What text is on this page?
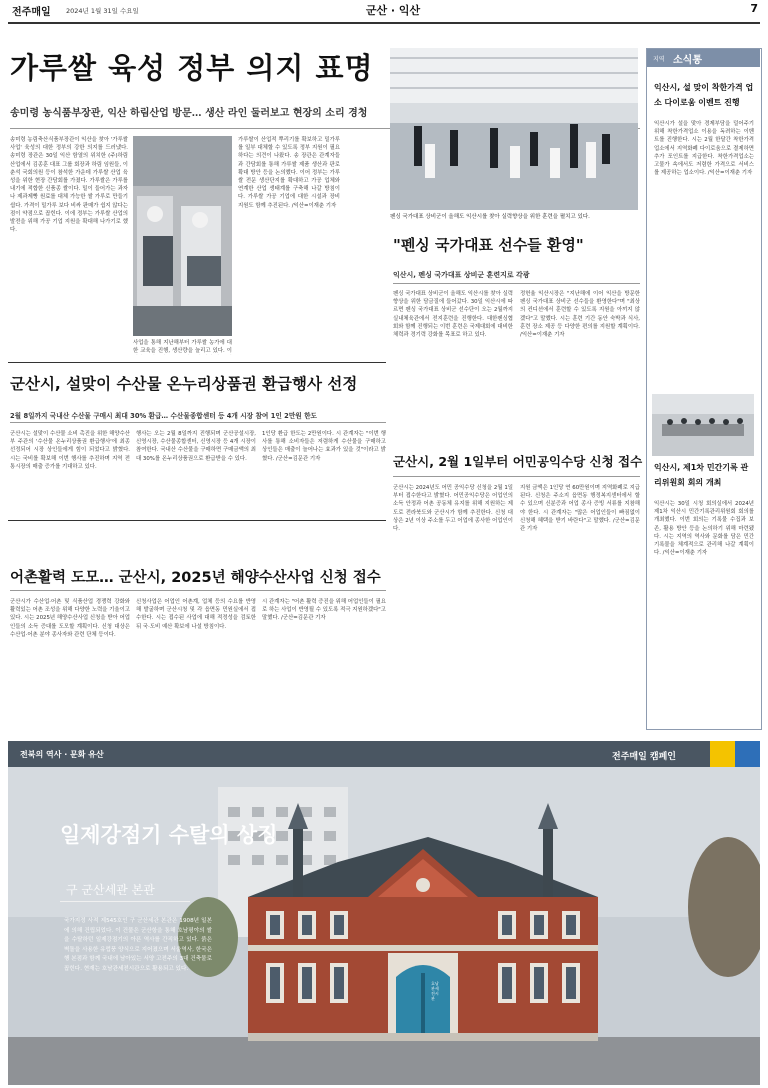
전주매일 2024년 1월 31일 수요일	군산 · 익산	7
가루쌀 육성 정부 의지 표명
송미령 농식품부장관, 익산 하림산업 방문… 생산 라인 둘러보고 현장의 소리 경청

송미령 농림축산식품부장관이 익산을 찾아 '가루쌀 사업' 육성의 대한 정부의 강한 의지를 드러냈다. 송미령 장관은 30일 익산 함열의 위치한 (주)하림산업에서 김종훈 대표 그룹 회장과 하림 임원들, 이춘석 국회의원 등이 참석한 가운데 가루쌀 산업 육성을 위한 현장 간담회를 가졌다. 가루쌀은 가루를 내기에 적합한 신품종 쌀이다. 밀이 들어가는 과자나 제과제빵 원료를 대체 가능한 쌀 가루로 만들기 쉽다. 가격이 밀가루 보다 비싸 판매가 쉽지 않다는 점이 약점으로 꼽힌다. 이에 정부는 가루쌀 산업의 발전을 위해 가공 기업 지원을 확대해 나가기로 했다.

사업을 통해 지난해부터 가루쌀 농가에 대한 교육을 진행, 생산량을 늘리고 있다. 이

가루쌀이 산업적 뿌리기를 확보하고 밀가루를 일부 대체할 수 있도록 정부 지원이 필요하다는 의견이 나왔다. 송 장관은 관계자들과 간담회를 통해 가루쌀 제품 생산과 판로 확대 방안 등을 논의했다. 이어 정부는 가루쌀 전문 생산단지를 확대하고 가공 업체와 연계한 산업 생태계를 구축해 나갈 방침이다. 가루쌀 가공 기업에 대한 시설과 장비 지원도 함께 추진된다. /익산=이재춘 기자

펜싱 국가대표 상비군이 올해도 익산시를 찾아 실력향상을 위한 훈련을 펼치고 있다.
"펜싱 국가대표 선수들 환영"
익산시, 펜싱 국가대표 상비군 훈련지로 각광

펜싱 국가대표 상비군이 올해도 익산시를 찾아 실력향상을 위한 담금질에 들어갔다. 30일 익산시에 따르면 펜싱 국가대표 상비군 선수단이 오는 2월까지 실내체육관에서 전지훈련을 진행한다. 대한펜싱협회와 함께 진행되는 이번 훈련은 국제대회에 대비한 체력과 경기력 강화를 목표로 하고 있다.

정헌율 익산시장은 "지난해에 이어 익산을 방문한 펜싱 국가대표 상비군 선수들을 환영한다"며 "최상의 컨디션에서 훈련할 수 있도록 지원을 아끼지 않겠다"고 말했다. 시는 훈련 기간 동안 숙박과 식사, 훈련 장소 제공 등 다양한 편의를 지원할 계획이다. /익산=이재춘 기자

지역 소식통
익산시, 설 맞이 착한가격 업소 다이로움 이벤트 진행

익산시가 설을 맞아 경제부담을 덜어주기 위해 착한가격업소 이용을 독려하는 이벤트를 진행한다. 시는 2월 한달간 착한가격업소에서 지역화폐 다이로움으로 결제하면 추가 포인트를 지급한다. 착한가격업소는 고물가 속에서도 저렴한 가격으로 서비스를 제공하는 업소이다. /익산=이재춘 기자

익산시, 제1차 민간기록 관리위원회 회의 개최

익산시는 30일 시청 회의실에서 2024년 제1차 익산시 민간기록관리위원회 회의를 개최했다. 이번 회의는 기록물 수집과 보존, 활용 방안 등을 논의하기 위해 마련됐다. 시는 지역의 역사와 문화를 담은 민간 기록물을 체계적으로 관리해 나갈 계획이다. /익산=이재춘 기자

군산시, 설맞이 수산물 온누리상품권 환급행사 선정
2월 8일까지 국내산 수산물 구매시 최대 30% 환급… 수산물종합센터 등 4개 시장 참여 1인 2만원 한도

군산시는 설맞이 수산물 소비 촉진을 위한 해양수산부 주관의 '수산물 온누리상품권 환급행사'에 최종 선정되어 시장 상인들에게 힘이 되었다고 밝혔다. 시는 국비를 확보해 이번 행사를 추진하며 지역 전통시장의 매출 증가를 기대하고 있다.

행사는 오는 2월 8일까지 진행되며 군산공설시장, 신영시장, 수산물종합센터, 신영시장 등 4개 시장이 참여한다. 국내산 수산물을 구매하면 구매금액의 최대 30%를 온누리상품권으로 환급받을 수 있다.

1인당 환급 한도는 2만원이다. 시 관계자는 "이번 행사를 통해 소비자들은 저렴하게 수산물을 구매하고 상인들은 매출이 늘어나는 효과가 있을 것"이라고 밝혔다. /군산=김문관 기자

어촌활력 도모… 군산시, 2025년 해양수산사업 신청 접수

군산시가 수산업·어촌 및 식품산업 경쟁력 강화와 활력있는 어촌 조성을 위해 다양한 노력을 기울이고 있다. 시는 2025년 해양수산사업 신청을 받아 어업인들의 소득 증대를 도모할 계획이다. 신청 대상은 수산업·어촌 분야 종사자와 관련 단체 등이다.

신청사업은 어업인 어촌계, 업체 등의 수요를 반영해 발굴하며 군산시청 및 각 읍면동 민원실에서 접수한다. 시는 접수된 사업에 대해 적정성을 검토한 뒤 국·도비 예산 확보에 나설 방침이다.

시 관계자는 "어촌 활력 증진을 위해 어업인들이 필요로 하는 사업이 반영될 수 있도록 적극 지원하겠다"고 말했다. /군산=김문관 기자

군산시, 2월 1일부터 어민공익수당 신청 접수

군산시는 2024년도 어민 공익수당 신청을 2월 1일부터 접수한다고 밝혔다. 어민공익수당은 어업인의 소득 안정과 어촌 공동체 유지를 위해 지원하는 제도로 전라북도와 군산시가 함께 추진한다. 신청 대상은 2년 이상 주소를 두고 어업에 종사한 어업인이다.

지원 금액은 1인당 연 60만원이며 지역화폐로 지급된다. 신청은 주소지 읍면동 행정복지센터에서 할 수 있으며 신분증과 어업 종사 증빙 서류를 지참해야 한다. 시 관계자는 "많은 어업인들이 빠짐없이 신청해 혜택을 받기 바란다"고 말했다. /군산=김문관 기자

전북의 역사 · 문화 유산	전주매일 캠페인
일제강점기 수탈의 상징
구 군산세관 본관

국가지정 사적 제545호인 구 군산세관 본관은 1908년 일본에 의해 건립되었다. 이 건물은 군산항을 통해 호남평야의 쌀을 수탈하던 일제강점기의 아픈 역사를 간직하고 있다. 붉은 벽돌을 사용한 유럽풍 양식으로 지어졌으며 서울역사, 한국은행 본점과 함께 국내에 남아있는 서양 고전주의 3대 건축물로 꼽힌다. 현재는 호남관세전시관으로 활용되고 있다.

호남관세전시관
